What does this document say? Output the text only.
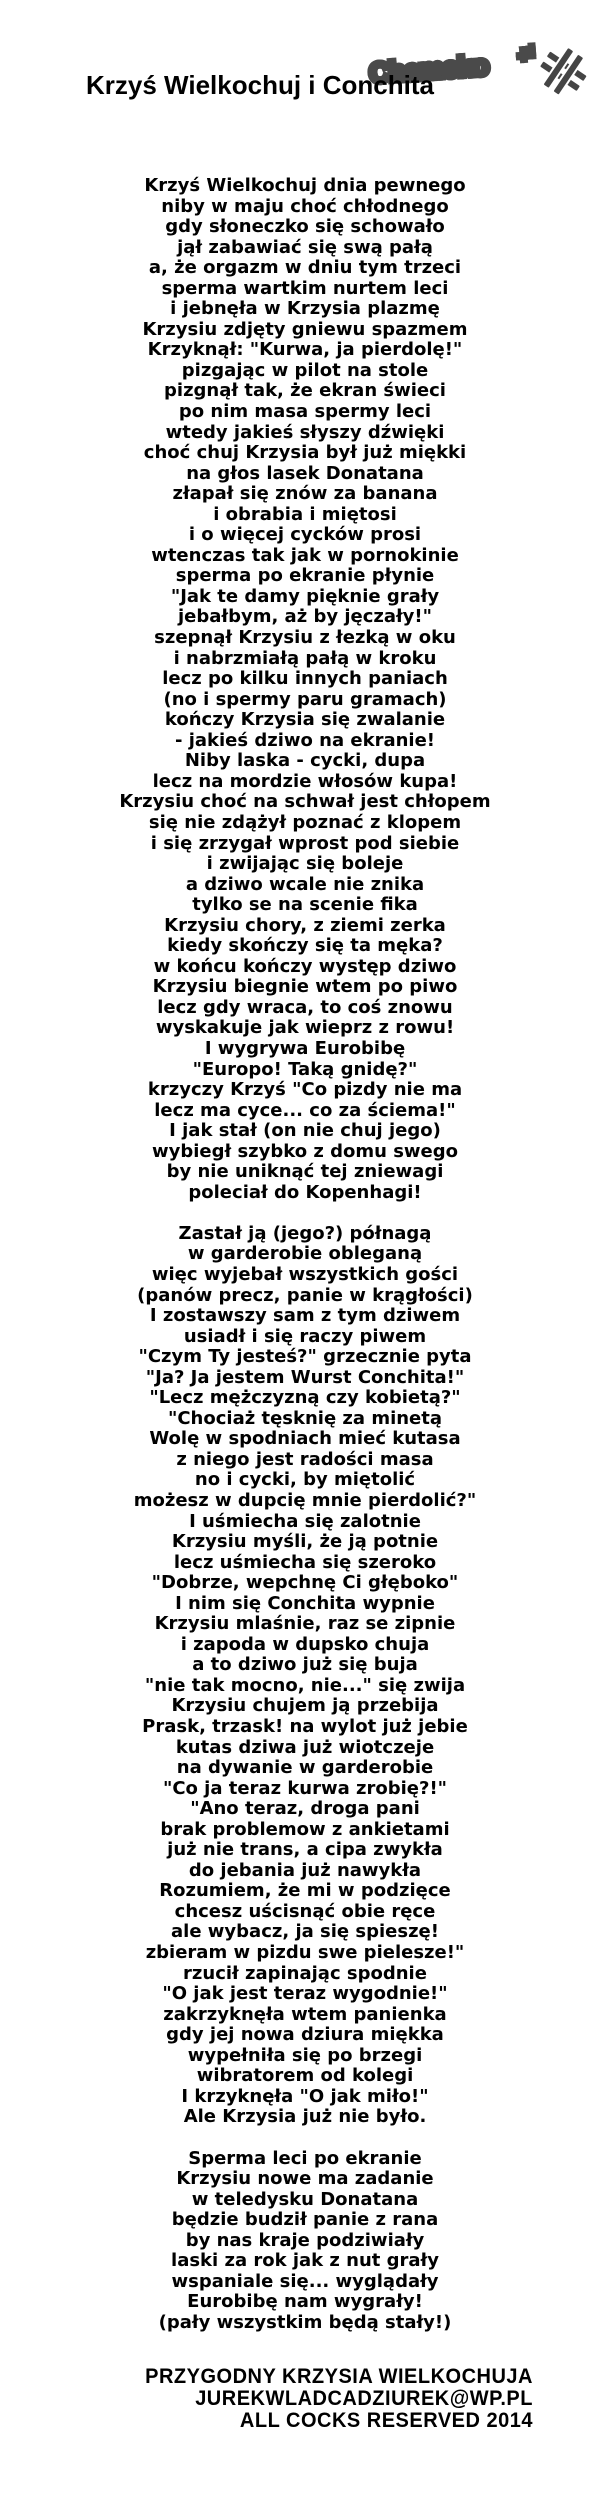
Chamsko

Chamsko

	.pl

.pl

Krzyś Wielkochuj i Conchita
Krzyś Wielkochuj dnia pewnego
niby w maju choć chłodnego
gdy słoneczko się schowało
jął zabawiać się swą pałą
a, że orgazm w dniu tym trzeci
sperma wartkim nurtem leci
i jebnęła w Krzysia plazmę
Krzysiu zdjęty gniewu spazmem
Krzyknął: "Kurwa, ja pierdolę!"
pizgając w pilot na stole
pizgnął tak, że ekran świeci
po nim masa spermy leci
wtedy jakieś słyszy dźwięki
choć chuj Krzysia był już miękki
na głos lasek Donatana
złapał się znów za banana
i obrabia i miętosi
i o więcej cycków prosi
wtenczas tak jak w pornokinie
sperma po ekranie płynie
"Jak te damy pięknie grały
jebałbym, aż by jęczały!"
szepnął Krzysiu z łezką w oku
i nabrzmiałą pałą w kroku
lecz po kilku innych paniach
(no i spermy paru gramach)
kończy Krzysia się zwalanie
- jakieś dziwo na ekranie!
Niby laska - cycki, dupa
lecz na mordzie włosów kupa!
Krzysiu choć na schwał jest chłopem
się nie zdążył poznać z klopem
i się zrzygał wprost pod siebie
i zwijając się boleje
a dziwo wcale nie znika
tylko se na scenie fika
Krzysiu chory, z ziemi zerka
kiedy skończy się ta męka?
w końcu kończy występ dziwo
Krzysiu biegnie wtem po piwo
lecz gdy wraca, to coś znowu
wyskakuje jak wieprz z rowu!
I wygrywa Eurobibę
"Europo! Taką gnidę?"
krzyczy Krzyś "Co pizdy nie ma
lecz ma cyce... co za ściema!"
I jak stał (on nie chuj jego)
wybiegł szybko z domu swego
by nie uniknąć tej zniewagi
poleciał do Kopenhagi!

Zastał ją (jego?) półnagą
w garderobie obleganą
więc wyjebał wszystkich gości
(panów precz, panie w krągłości)
I zostawszy sam z tym dziwem
usiadł i się raczy piwem
"Czym Ty jesteś?" grzecznie pyta
"Ja? Ja jestem Wurst Conchita!"
"Lecz mężczyzną czy kobietą?"
"Chociaż tęsknię za minetą
Wolę w spodniach mieć kutasa
z niego jest radości masa
no i cycki, by miętolić
możesz w dupcię mnie pierdolić?"
I uśmiecha się zalotnie
Krzysiu myśli, że ją potnie
lecz uśmiecha się szeroko
"Dobrze, wepchnę Ci głęboko"
I nim się Conchita wypnie
Krzysiu mlaśnie, raz se zipnie
i zapoda w dupsko chuja
a to dziwo już się buja
"nie tak mocno, nie..." się zwija
Krzysiu chujem ją przebija
Prask, trzask! na wylot już jebie
kutas dziwa już wiotczeje
na dywanie w garderobie
"Co ja teraz kurwa zrobię?!"
"Ano teraz, droga pani
brak problemow z ankietami
już nie trans, a cipa zwykła
do jebania już nawykła
Rozumiem, że mi w podzięce
chcesz uścisnąć obie ręce
ale wybacz, ja się spieszę!
zbieram w pizdu swe pielesze!"
rzucił zapinając spodnie
"O jak jest teraz wygodnie!"
zakrzyknęła wtem panienka
gdy jej nowa dziura miękka
wypełniła się po brzegi
wibratorem od kolegi
I krzyknęła "O jak miło!"
Ale Krzysia już nie było.

Sperma leci po ekranie
Krzysiu nowe ma zadanie
w teledysku Donatana
będzie budził panie z rana
by nas kraje podziwiały
laski za rok jak z nut grały
wspaniale się... wyglądały
Eurobibę nam wygrały!
(pały wszystkim będą stały!)
PRZYGODNY KRZYSIA WIELKOCHUJA
JUREKWLADCADZIUREK@WP.PL
ALL COCKS RESERVED 2014
